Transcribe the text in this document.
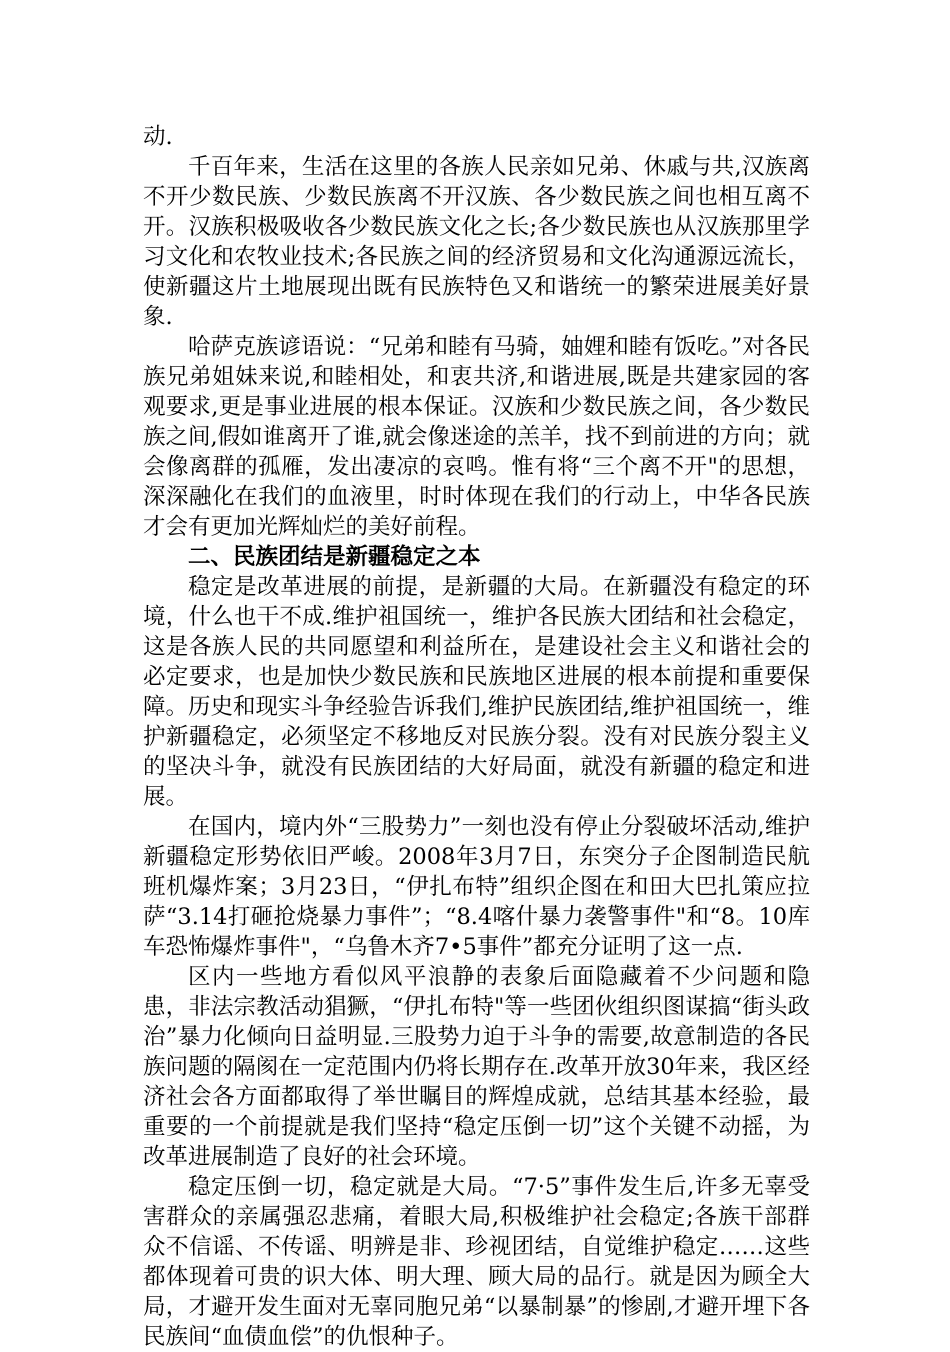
动.

千百年来，生活在这里的各族人民亲如兄弟、休戚与共,汉族离不开少数民族、少数民族离不开汉族、各少数民族之间也相互离不开。汉族积极吸收各少数民族文化之长;各少数民族也从汉族那里学习文化和农牧业技术;各民族之间的经济贸易和文化沟通源远流长，使新疆这片土地展现出既有民族特色又和谐统一的繁荣进展美好景象.

哈萨克族谚语说：“兄弟和睦有马骑，妯娌和睦有饭吃。”对各民族兄弟姐妹来说,和睦相处，和衷共济,和谐进展,既是共建家园的客观要求,更是事业进展的根本保证。汉族和少数民族之间，各少数民族之间,假如谁离开了谁,就会像迷途的羔羊，找不到前进的方向；就会像离群的孤雁，发出凄凉的哀鸣。惟有将“三个离不开"的思想，深深融化在我们的血液里，时时体现在我们的行动上，中华各民族才会有更加光辉灿烂的美好前程。

二、民族团结是新疆稳定之本

稳定是改革进展的前提，是新疆的大局。在新疆没有稳定的环境，什么也干不成.维护祖国统一，维护各民族大团结和社会稳定，这是各族人民的共同愿望和利益所在，是建设社会主义和谐社会的必定要求，也是加快少数民族和民族地区进展的根本前提和重要保障。历史和现实斗争经验告诉我们,维护民族团结,维护祖国统一，维护新疆稳定，必须坚定不移地反对民族分裂。没有对民族分裂主义的坚决斗争，就没有民族团结的大好局面，就没有新疆的稳定和进展。

在国内，境内外“三股势力”一刻也没有停止分裂破坏活动,维护新疆稳定形势依旧严峻。2008年3月7日，东突分子企图制造民航班机爆炸案；3月23日，“伊扎布特”组织企图在和田大巴扎策应拉萨“3.14打砸抢烧暴力事件”；“8.4喀什暴力袭警事件"和“8。10库车恐怖爆炸事件"，“乌鲁木齐7•5事件”都充分证明了这一点.

区内一些地方看似风平浪静的表象后面隐藏着不少问题和隐患，非法宗教活动猖獗，“伊扎布特"等一些团伙组织图谋搞“街头政治”暴力化倾向日益明显.三股势力迫于斗争的需要,故意制造的各民族问题的隔阂在一定范围内仍将长期存在.改革开放30年来，我区经济社会各方面都取得了举世瞩目的辉煌成就，总结其基本经验，最重要的一个前提就是我们坚持“稳定压倒一切”这个关键不动摇，为改革进展制造了良好的社会环境。

稳定压倒一切，稳定就是大局。“7·5”事件发生后,许多无辜受害群众的亲属强忍悲痛，着眼大局,积极维护社会稳定;各族干部群众不信谣、不传谣、明辨是非、珍视团结，自觉维护稳定……这些都体现着可贵的识大体、明大理、顾大局的品行。就是因为顾全大局，才避开发生面对无辜同胞兄弟“以暴制暴”的惨剧,才避开埋下各民族间“血债血偿”的仇恨种子。
